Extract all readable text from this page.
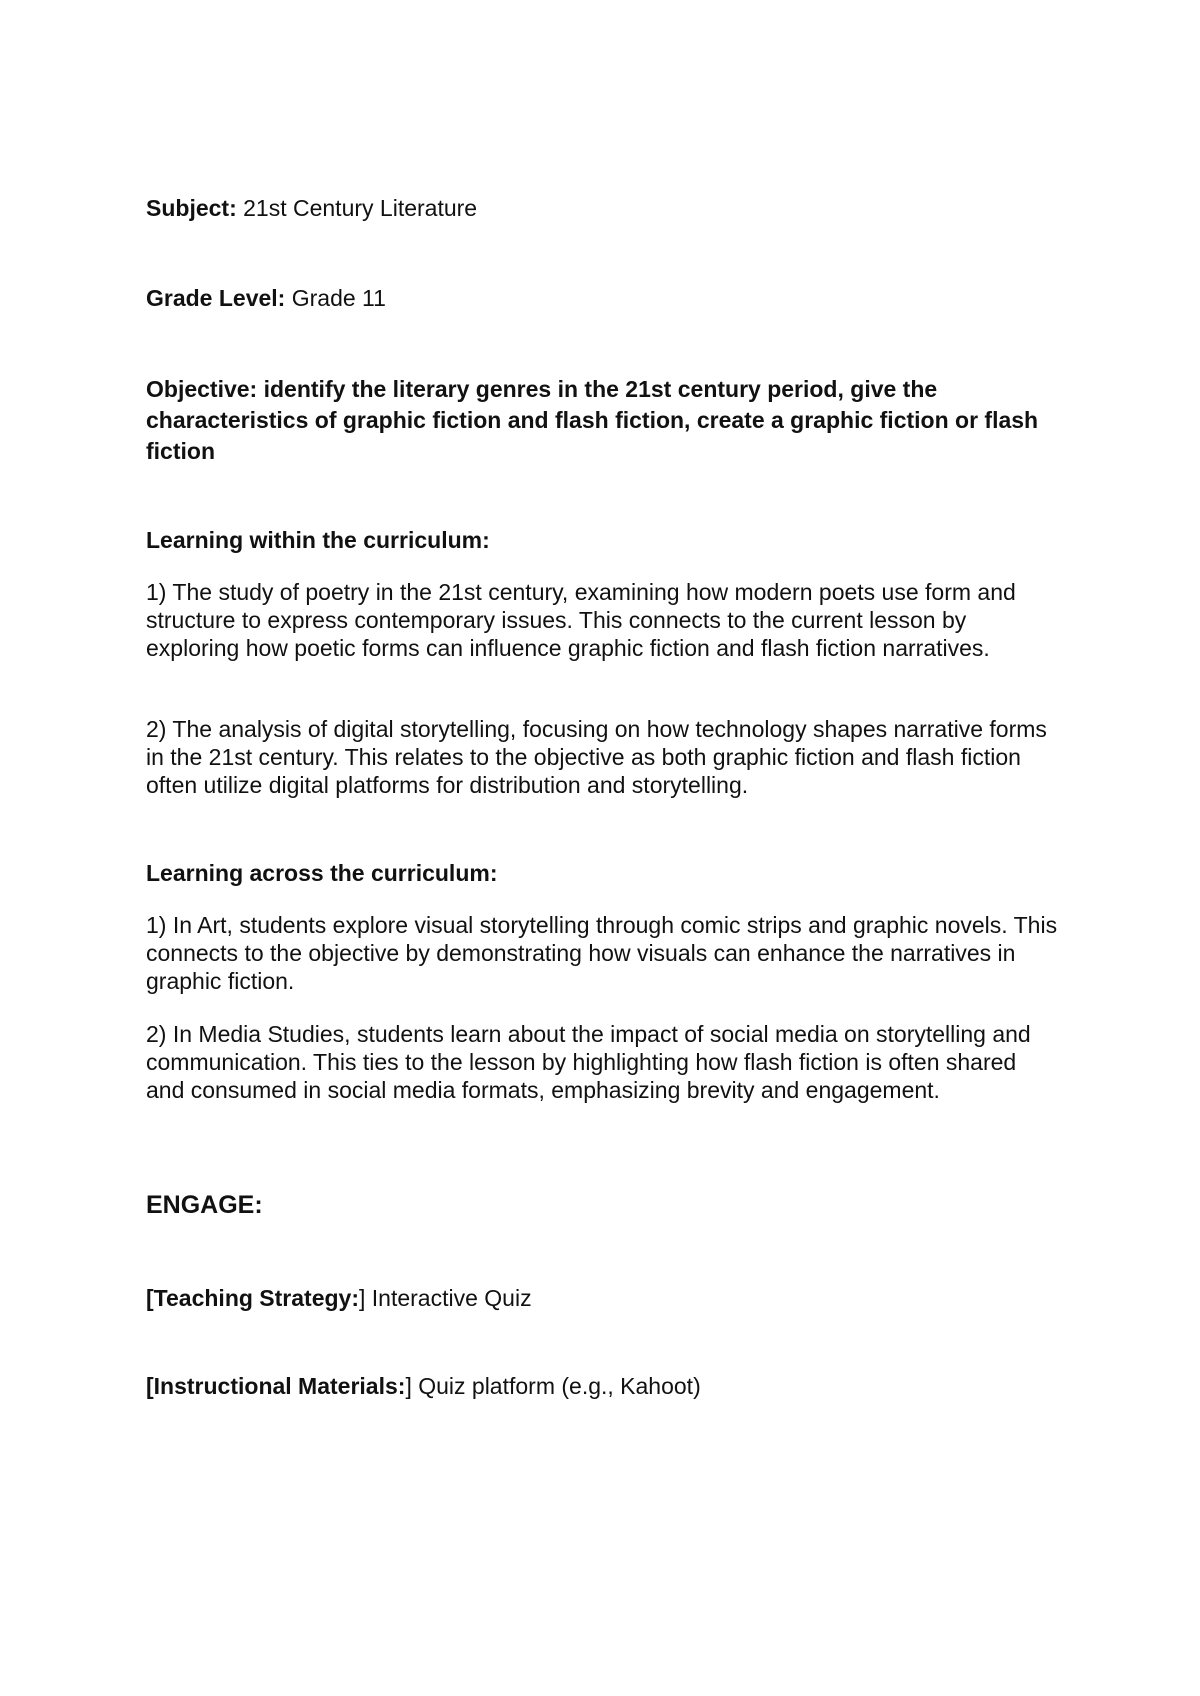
Subject: 21st Century Literature
Grade Level: Grade 11
Objective: identify the literary genres in the 21st century period, give the characteristics of graphic fiction and flash fiction, create a graphic fiction or flash fiction
Learning within the curriculum:

1) The study of poetry in the 21st century, examining how modern poets use form and structure to express contemporary issues. This connects to the current lesson by exploring how poetic forms can influence graphic fiction and flash fiction narratives.

2) The analysis of digital storytelling, focusing on how technology shapes narrative forms in the 21st century. This relates to the objective as both graphic fiction and flash fiction often utilize digital platforms for distribution and storytelling.

Learning across the curriculum:

1) In Art, students explore visual storytelling through comic strips and graphic novels. This connects to the objective by demonstrating how visuals can enhance the narratives in graphic fiction.

2) In Media Studies, students learn about the impact of social media on storytelling and communication. This ties to the lesson by highlighting how flash fiction is often shared and consumed in social media formats, emphasizing brevity and engagement.

ENGAGE:
[Teaching Strategy:] Interactive Quiz
[Instructional Materials:] Quiz platform (e.g., Kahoot)
